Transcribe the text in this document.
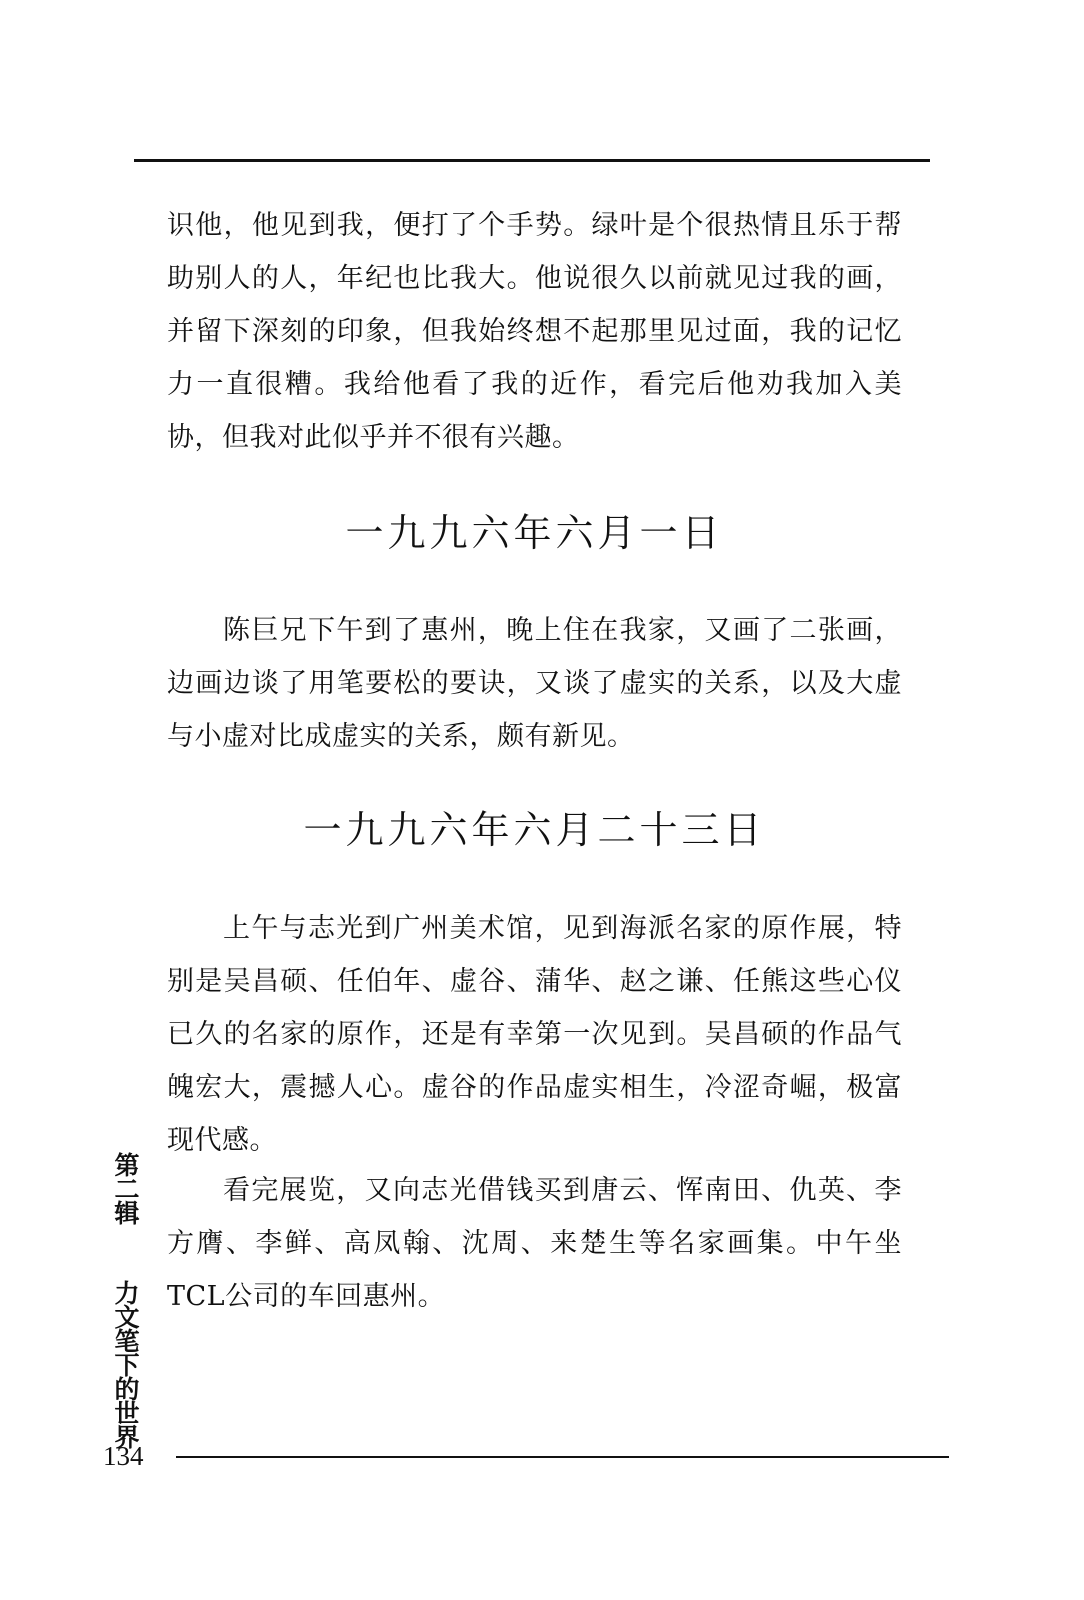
识他，他见到我，便打了个手势。绿叶是个很热情且乐于帮助别人的人，年纪也比我大。他说很久以前就见过我的画，并留下深刻的印象，但我始终想不起那里见过面，我的记忆力一直很糟。我给他看了我的近作，看完后他劝我加入美协，但我对此似乎并不很有兴趣。

一九九六年六月一日

陈巨兄下午到了惠州，晚上住在我家，又画了二张画，边画边谈了用笔要松的要诀，又谈了虚实的关系，以及大虚与小虚对比成虚实的关系，颇有新见。

一九九六年六月二十三日

上午与志光到广州美术馆，见到海派名家的原作展，特别是吴昌硕、任伯年、虚谷、蒲华、赵之谦、任熊这些心仪已久的名家的原作，还是有幸第一次见到。吴昌硕的作品气魄宏大，震撼人心。虚谷的作品虚实相生，冷涩奇崛，极富现代感。

看完展览，又向志光借钱买到唐云、恽南田、仇英、李方膺、李鲜、高凤翰、沈周、来楚生等名家画集。中午坐TCL公司的车回惠州。

第二辑  力文笔下的世界
134
